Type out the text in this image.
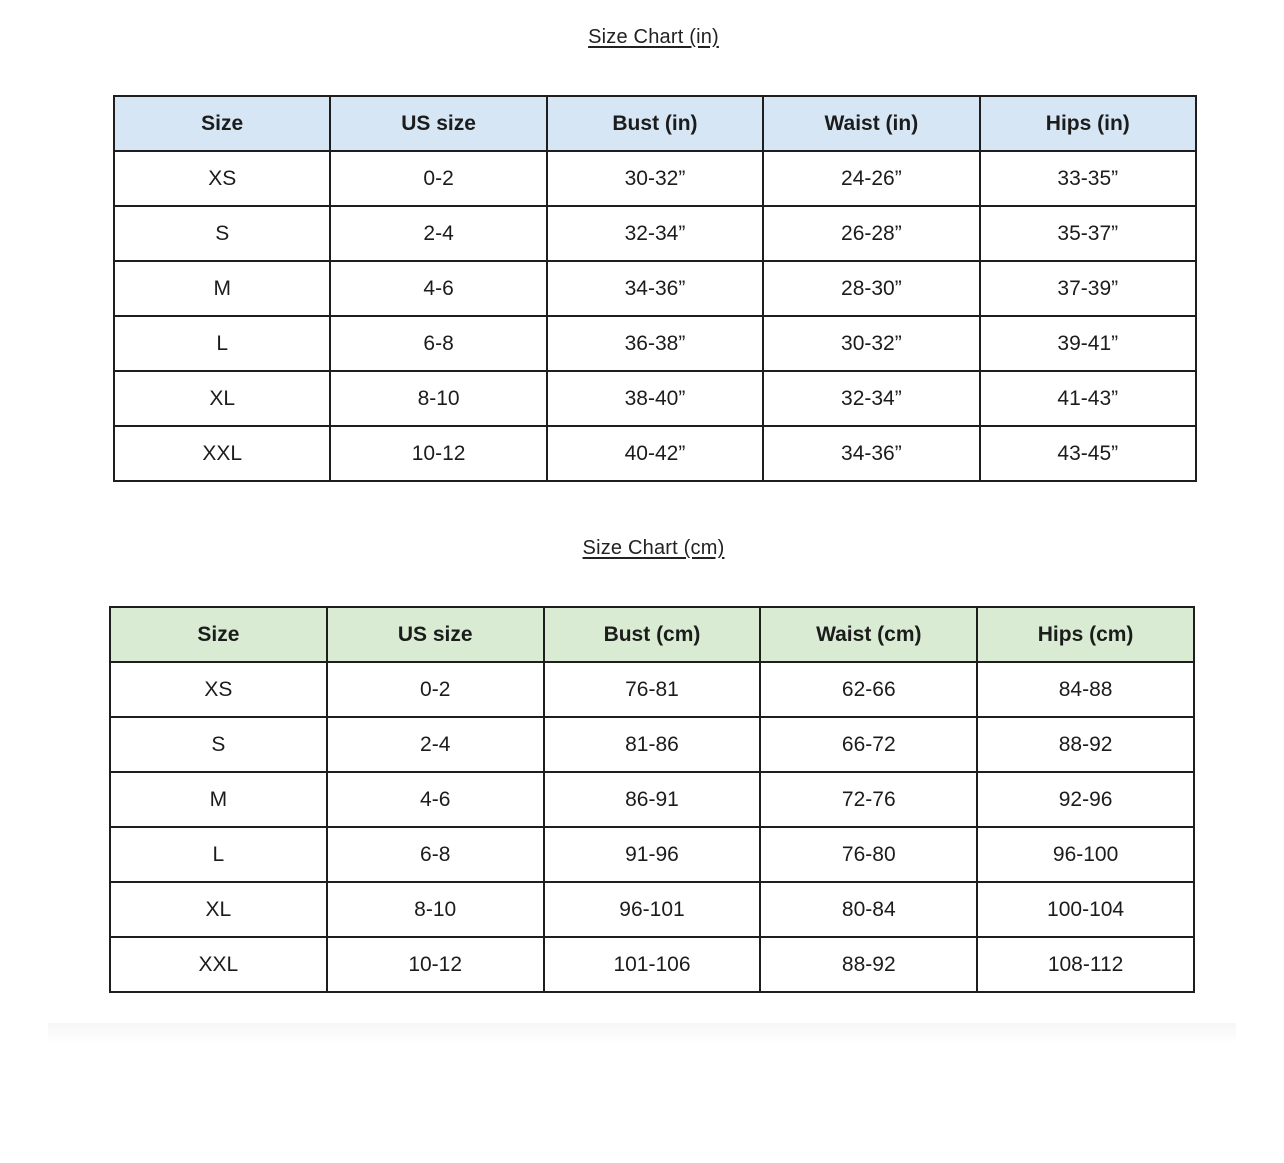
Size Chart (in)
Size	US size	Bust (in)	Waist (in)	Hips (in)
XS	0-2	30-32”	24-26”	33-35”
S	2-4	32-34”	26-28”	35-37”
M	4-6	34-36”	28-30”	37-39”
L	6-8	36-38”	30-32”	39-41”
XL	8-10	38-40”	32-34”	41-43”
XXL	10-12	40-42”	34-36”	43-45”
Size Chart (cm)
Size	US size	Bust (cm)	Waist (cm)	Hips (cm)
XS	0-2	76-81	62-66	84-88
S	2-4	81-86	66-72	88-92
M	4-6	86-91	72-76	92-96
L	6-8	91-96	76-80	96-100
XL	8-10	96-101	80-84	100-104
XXL	10-12	101-106	88-92	108-112
